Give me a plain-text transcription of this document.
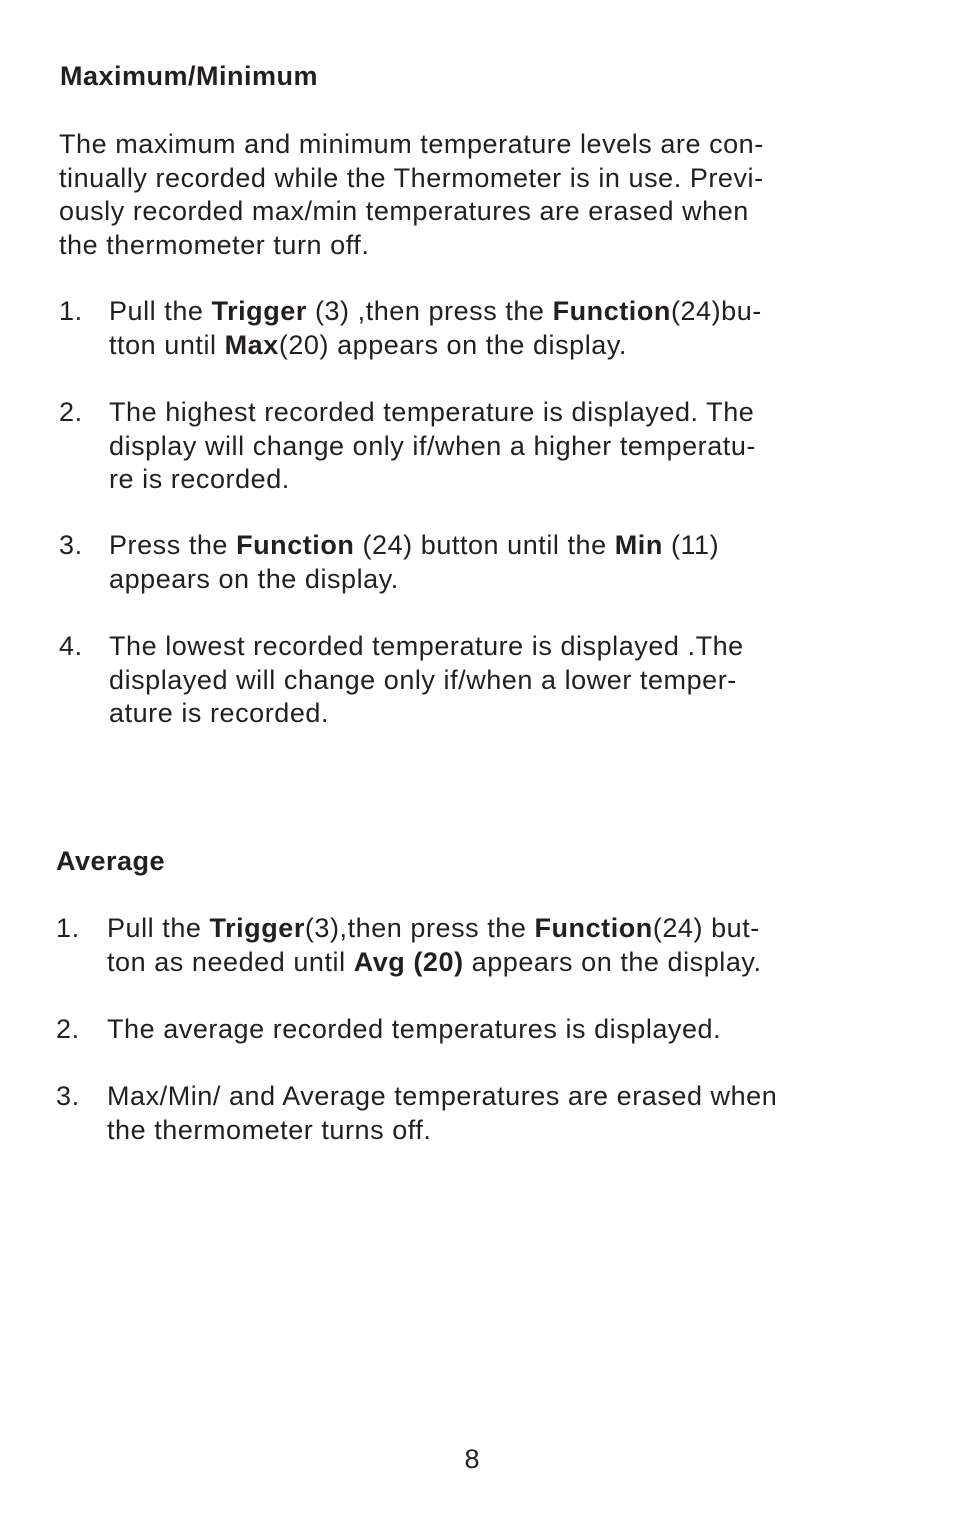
Maximum/Minimum
The maximum and minimum temperature levels are con-
tinually recorded while the Thermometer is in use. Previ-
ously recorded max/min temperatures are erased when
the thermometer turn off.
1. Pull the Trigger (3) ,then press the Function(24)bu-
tton until Max(20) appears on the display.
2. The highest recorded temperature is displayed. The
display will change only if/when a higher temperatu-
re is recorded.
3. Press the Function (24) button until the Min (11)
appears on the display.
4. The lowest recorded temperature is displayed .The
displayed will change only if/when a lower temper-
ature is recorded.
Average
1. Pull the Trigger(3),then press the Function(24) but-
ton as needed until Avg (20) appears on the display.
2. The average recorded temperatures is displayed.
3. Max/Min/ and Average temperatures are erased when
the thermometer turns off.
8
